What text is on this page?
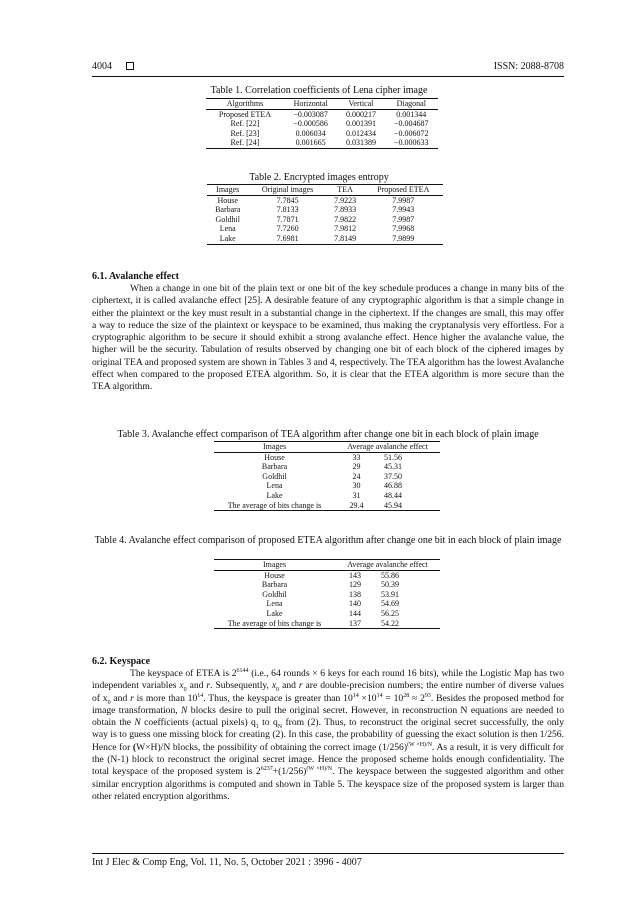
4004	ISSN: 2088-8708
Table 1. Correlation coefficients of Lena cipher image
Algorithms	Horizontal	Vertical	Diagonal
Proposed ETEA	−0.003087	0.000217	0.001344
Ref. [22]	−0.000586	0.001391	−0.004687
Ref. [23]	0.006034	0.012434	−0.006072
Ref. [24]	0.001665	0.031389	−0.000633
Table 2. Encrypted images entropy
Images	Original images	TEA	Proposed ETEA
House	7.7845	7.9223	7.9987
Barbara	7.8133	7.8933	7.9943
Goldhil	7.7871	7.9822	7.9987
Lena	7.7260	7.9812	7.9968
Lake	7.6981	7.8149	7.9899
6.1. Avalanche effect
When a change in one bit of the plain text or one bit of the key schedule produces a change in many bits of the ciphertext, it is called avalanche effect [25]. A desirable feature of any cryptographic algorithm is that a simple change in either the plaintext or the key must result in a substantial change in the ciphertext. If the changes are small, this may offer a way to reduce the size of the plaintext or keyspace to be examined, thus making the cryptanalysis very effortless. For a cryptographic algorithm to be secure it should exhibit a strong avalanche effect. Hence higher the avalanche value, the higher will be the security. Tabulation of results observed by changing one bit of each block of the ciphered images by original TEA and proposed system are shown in Tables 3 and 4, respectively. The TEA algorithm has the lowest Avalanche effect when compared to the proposed ETEA algorithm. So, it is clear that the ETEA algorithm is more secure than the TEA algorithm.
Table 3. Avalanche effect comparison of TEA algorithm after change one bit in each block of plain image
Images	Average avalanche effect	
House	33	51.56
Barbara	29	45.31
Goldhil	24	37.50
Lena	30	46.88
Lake	31	48.44
The average of bits change is	29.4	45.94
Table 4. Avalanche effect comparison of proposed ETEA algorithm after change one bit in each block of plain image
Images	Average avalanche effect	
House	143	55.86
Barbara	129	50.39
Goldhil	138	53.91
Lena	140	54.69
Lake	144	56.25
The average of bits change is	137	54.22
6.2. Keyspace
The keyspace of ETEA is $2^{6144}$ (i.e., 64 rounds × 6 keys for each round 16 bits), while the Logistic Map has two independent variables $x_0$ and r. Subsequently, $x_0$ and r are double-precision numbers; the entire number of diverse values of $x_0$ and r is more than $10^{14}$. Thus, the keyspace is greater than $10^{14} \times 10^{14} = 10^{28} \approx 2^{93}$. Besides the proposed method for image transformation, N blocks desire to pull the original secret. However, in reconstruction N equations are needed to obtain the N coefficients (actual pixels) $q_1$ to $q_N$ from (2). Thus, to reconstruct the original secret successfully, the only way is to guess one missing block for creating (2). In this case, the probability of guessing the exact solution is then 1/256. Hence for (W×H)/N blocks, the possibility of obtaining the correct image $(1/256)^{(W \times H)/N}$. As a result, it is very difficult for the (N-1) block to reconstruct the original secret image. Hence the proposed scheme holds enough confidentiality. The total keyspace of the proposed system is $2^{6237}+(1/256)^{(W \times H)/N}$. The keyspace between the suggested algorithm and other similar encryption algorithms is computed and shown in Table 5. The keyspace size of the proposed system is larger than other related encryption algorithms.
Int J Elec & Comp Eng, Vol. 11, No. 5, October 2021 : 3996 - 4007
